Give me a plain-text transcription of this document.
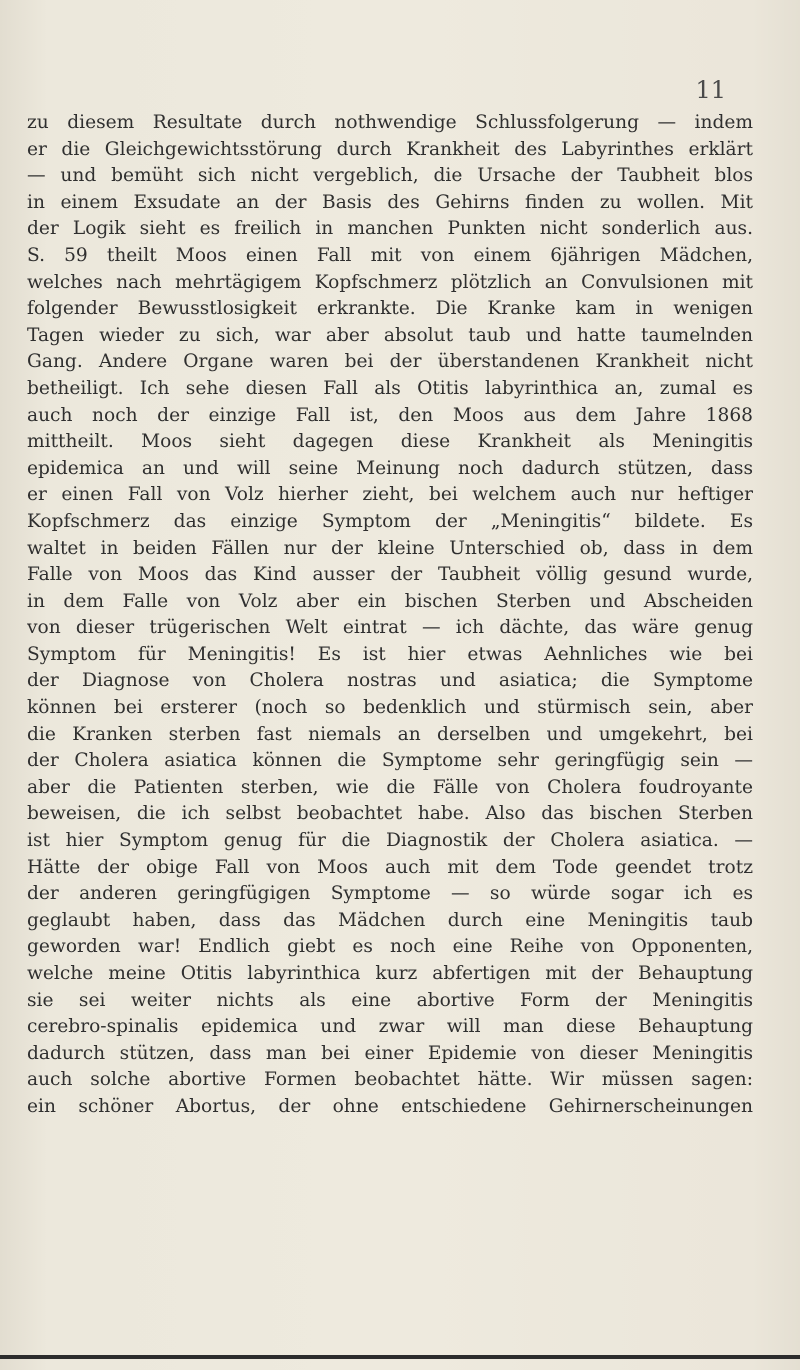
11
zu diesem Resultate durch nothwendige Schlussfolgerung — indem
er die Gleichgewichtsstörung durch Krankheit des Labyrinthes erklärt
— und bemüht sich nicht vergeblich, die Ursache der Taubheit blos
in einem Exsudate an der Basis des Gehirns finden zu wollen. Mit
der Logik sieht es freilich in manchen Punkten nicht sonderlich aus.
S. 59 theilt Moos einen Fall mit von einem 6jährigen Mädchen,
welches nach mehrtägigem Kopfschmerz plötzlich an Convulsionen mit
folgender Bewusstlosigkeit erkrankte. Die Kranke kam in wenigen
Tagen wieder zu sich, war aber absolut taub und hatte taumelnden
Gang. Andere Organe waren bei der überstandenen Krankheit nicht
betheiligt. Ich sehe diesen Fall als Otitis labyrinthica an, zumal es
auch noch der einzige Fall ist, den Moos aus dem Jahre 1868
mittheilt. Moos sieht dagegen diese Krankheit als Meningitis
epidemica an und will seine Meinung noch dadurch stützen, dass
er einen Fall von Volz hierher zieht, bei welchem auch nur heftiger
Kopfschmerz das einzige Symptom der „Meningitis“ bildete. Es
waltet in beiden Fällen nur der kleine Unterschied ob, dass in dem
Falle von Moos das Kind ausser der Taubheit völlig gesund wurde,
in dem Falle von Volz aber ein bischen Sterben und Abscheiden
von dieser trügerischen Welt eintrat — ich dächte, das wäre genug
Symptom für Meningitis! Es ist hier etwas Aehnliches wie bei
der Diagnose von Cholera nostras und asiatica; die Symptome
können bei ersterer (noch so bedenklich und stürmisch sein, aber
die Kranken sterben fast niemals an derselben und umgekehrt, bei
der Cholera asiatica können die Symptome sehr geringfügig sein —
aber die Patienten sterben, wie die Fälle von Cholera foudroyante
beweisen, die ich selbst beobachtet habe. Also das bischen Sterben
ist hier Symptom genug für die Diagnostik der Cholera asiatica. —
Hätte der obige Fall von Moos auch mit dem Tode geendet trotz
der anderen geringfügigen Symptome — so würde sogar ich es
geglaubt haben, dass das Mädchen durch eine Meningitis taub
geworden war! Endlich giebt es noch eine Reihe von Opponenten,
welche meine Otitis labyrinthica kurz abfertigen mit der Behauptung
sie sei weiter nichts als eine abortive Form der Meningitis
cerebro-spinalis epidemica und zwar will man diese Behauptung
dadurch stützen, dass man bei einer Epidemie von dieser Meningitis
auch solche abortive Formen beobachtet hätte. Wir müssen sagen:
ein schöner Abortus, der ohne entschiedene Gehirnerscheinungen
